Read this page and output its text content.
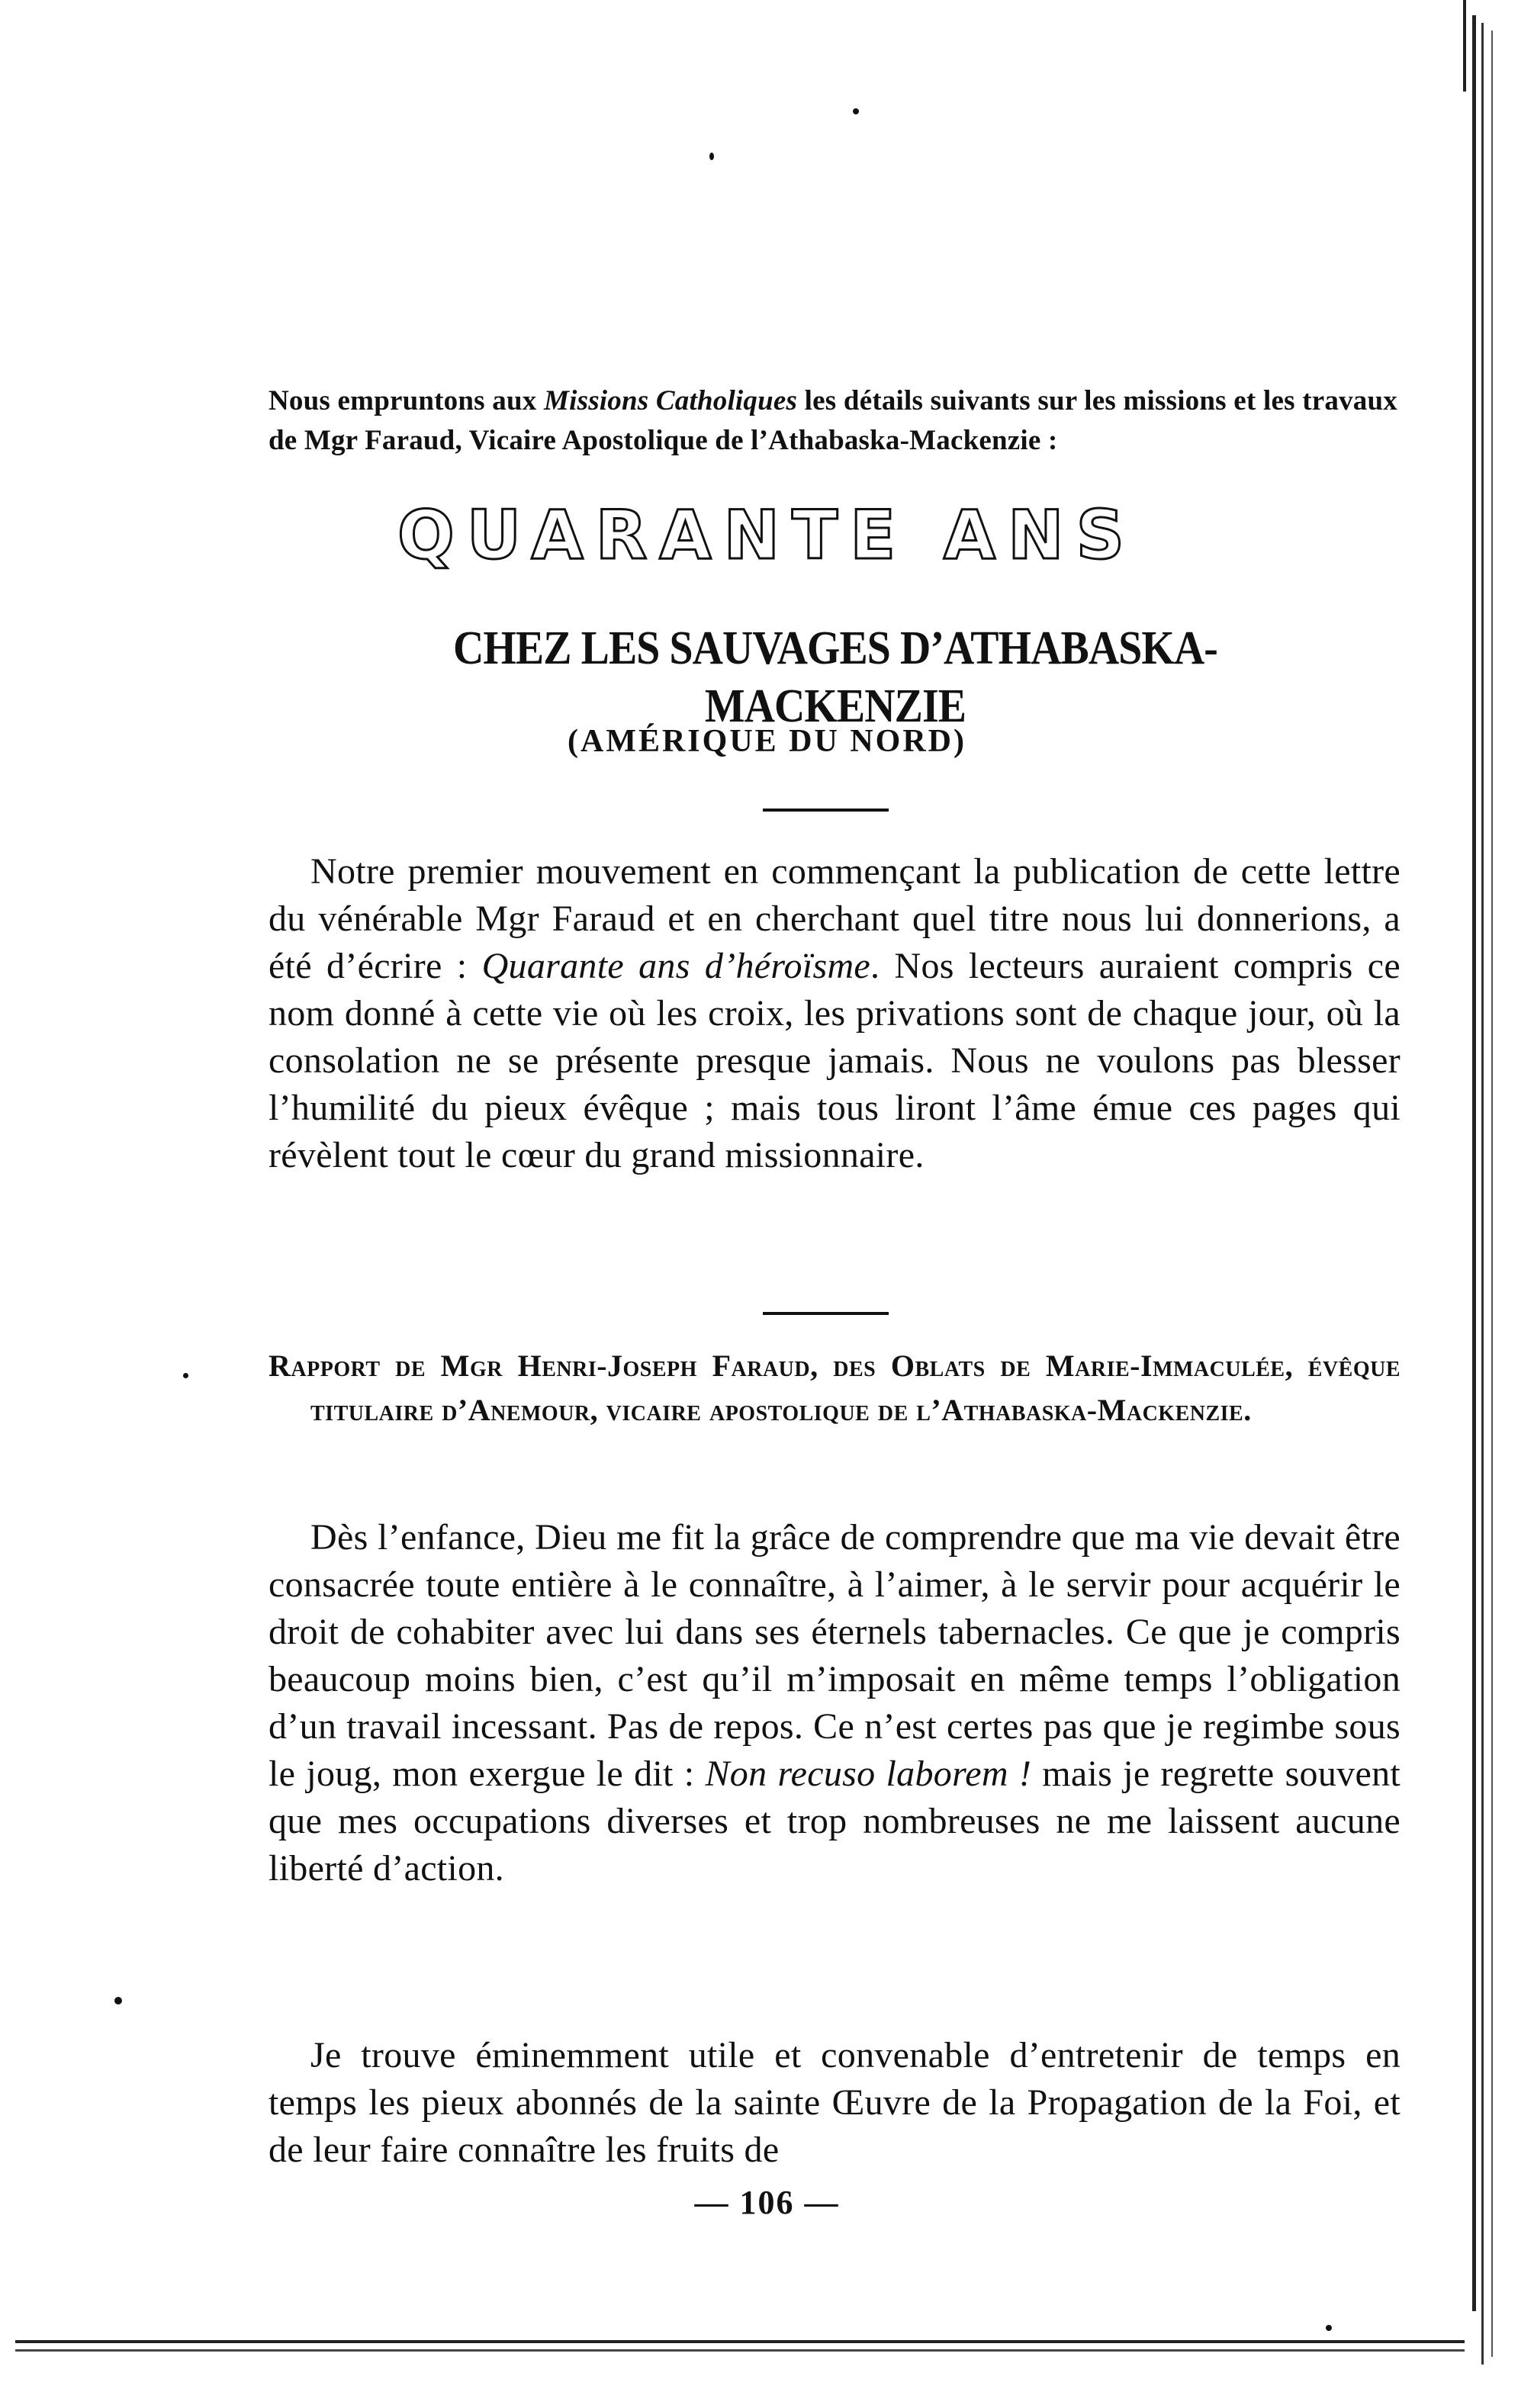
Nous empruntons aux Missions Catholiques les détails suivants sur les missions et les travaux de Mgr Faraud, Vicaire Apostolique de l’Athabaska-Mackenzie :
QUARANTE ANS
CHEZ LES SAUVAGES D’ATHABASKA-MACKENZIE
(AMÉRIQUE DU NORD)
Notre premier mouvement en commençant la publication de cette lettre du vénérable Mgr Faraud et en cherchant quel titre nous lui donnerions, a été d’écrire : Quarante ans d’héroïsme. Nos lecteurs auraient compris ce nom donné à cette vie où les croix, les privations sont de chaque jour, où la consolation ne se présente presque jamais. Nous ne voulons pas blesser l’humilité du pieux évêque ; mais tous liront l’âme émue ces pages qui révèlent tout le cœur du grand missionnaire.
Rapport de Mgr Henri-Joseph Faraud, des Oblats de Marie-Immaculée, évêque titulaire d’Anemour, vicaire apostolique de l’Athabaska-Mackenzie.
Dès l’enfance, Dieu me fit la grâce de comprendre que ma vie devait être consacrée toute entière à le connaître, à l’aimer, à le servir pour acquérir le droit de cohabiter avec lui dans ses éternels tabernacles. Ce que je compris beaucoup moins bien, c’est qu’il m’imposait en même temps l’obligation d’un travail incessant. Pas de repos. Ce n’est certes pas que je regimbe sous le joug, mon exergue le dit : Non recuso laborem ! mais je regrette souvent que mes occupations diverses et trop nombreuses ne me laissent aucune liberté d’action.
Je trouve éminemment utile et convenable d’entretenir de temps en temps les pieux abonnés de la sainte Œuvre de la Propagation de la Foi, et de leur faire connaître les fruits de
— 106 —
